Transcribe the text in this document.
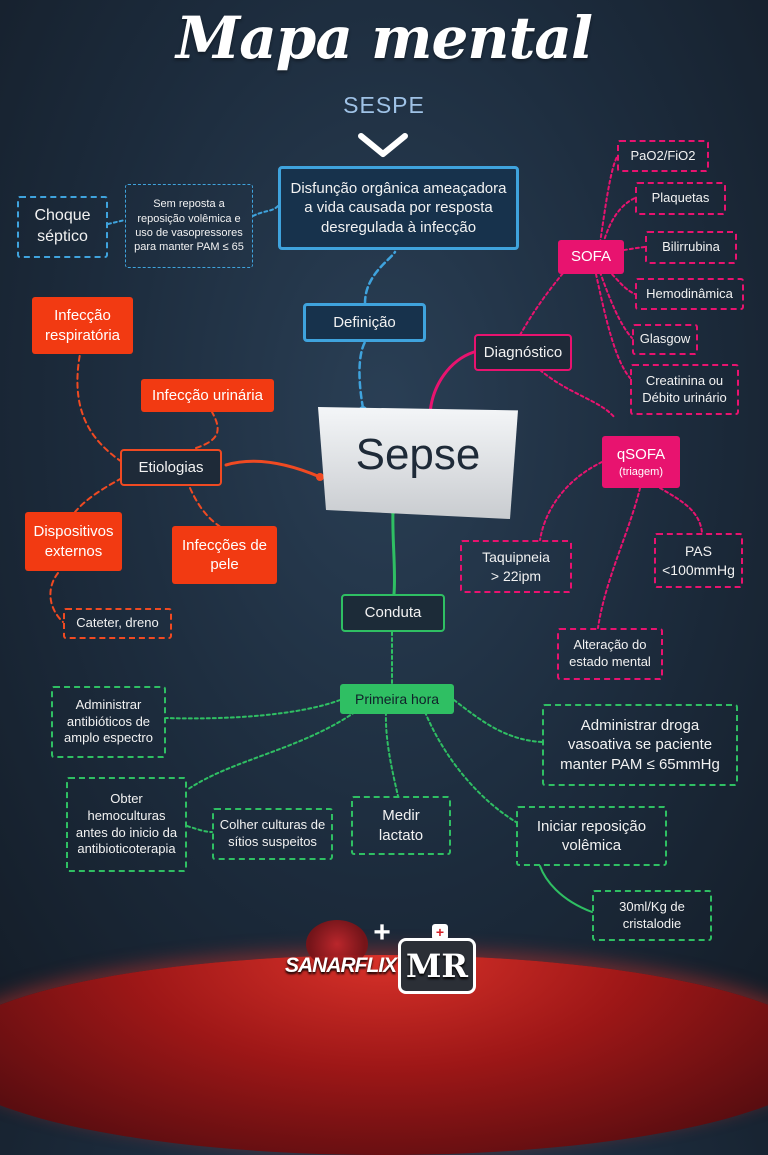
Mapa mental
SESPE
Sepse
Disfunção orgânica ameaçadora
a vida causada por resposta
desregulada à infecção
Sem reposta a
reposição volêmica e
uso de vasopressores
para manter PAM ≤ 65
Choque
séptico
Definição
Infecção
respiratória
Infecção urinária
Etiologias
Dispositivos
externos	Infecções de
pele
Cateter, dreno
Diagnóstico
SOFA
PaO2/FiO2
Plaquetas
Bilirrubina
Hemodinâmica
Glasgow
Creatinina ou
Débito urinário
qSOFA
(triagem)
Taquipneia
> 22ipm
PAS
<100mmHg
Alteração do
estado mental
Conduta
Primeira hora
Administrar
antibióticos de
amplo espectro
Obter
hemoculturas
antes do inicio da
antibioticoterapia
Colher culturas de
sítios suspeitos
Medir
lactato
Iniciar reposição
volêmica
30ml/Kg de
cristalodie
Administrar droga
vasoativa se paciente
manter PAM ≤ 65mmHg
SANARFLIX
+
MR
+
